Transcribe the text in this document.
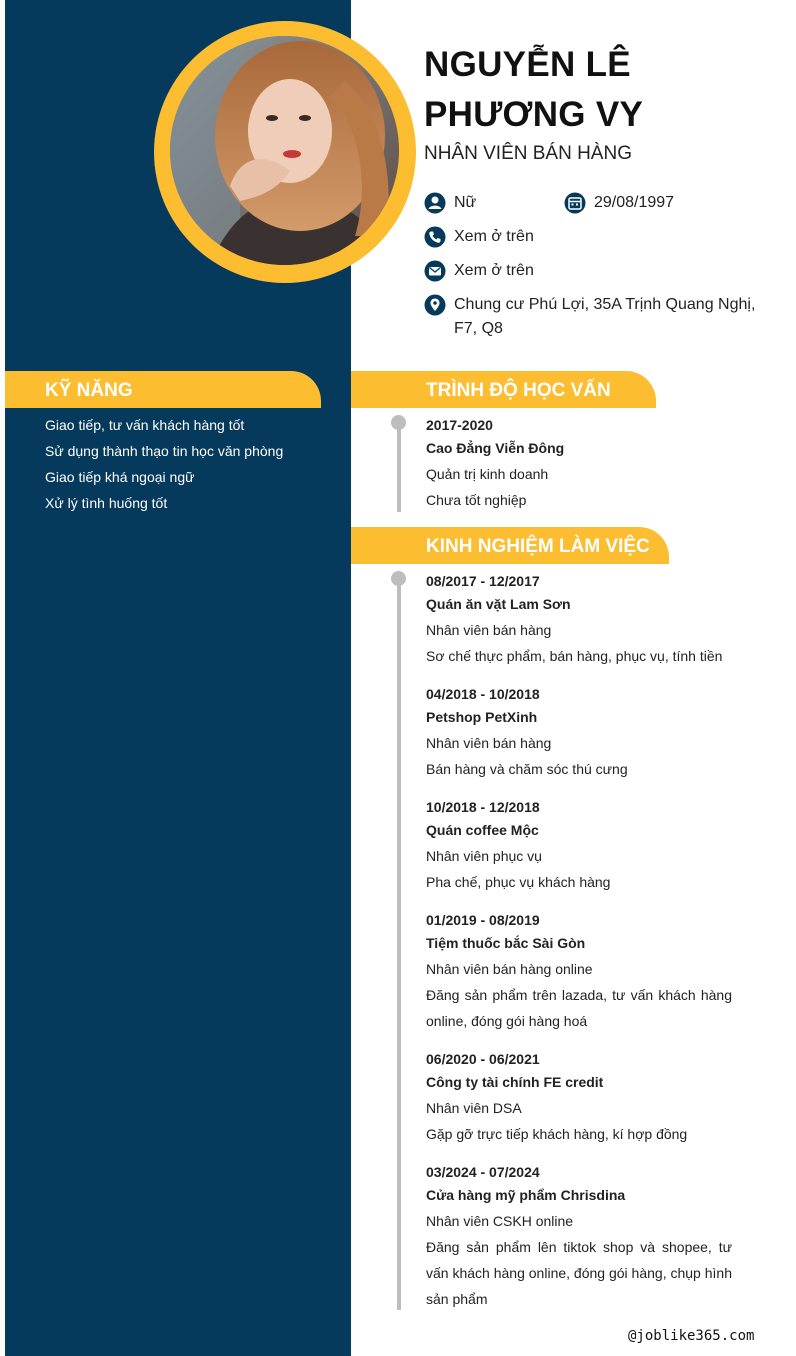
NGUYỄN LÊ PHƯƠNG VY
NHÂN VIÊN BÁN HÀNG
Nữ	29/08/1997
Xem ở trên
Xem ở trên
Chung cư Phú Lợi, 35A Trịnh Quang Nghị, F7, Q8
KỸ NĂNG
Giao tiếp, tư vấn khách hàng tốt
Sử dụng thành thạo tin học văn phòng
Giao tiếp khá ngoại ngữ
Xử lý tình huống tốt
TRÌNH ĐỘ HỌC VẤN
2017-2020
Cao Đẳng Viễn Đông
Quản trị kinh doanh
Chưa tốt nghiệp
KINH NGHIỆM LÀM VIỆC
08/2017 - 12/2017
Quán ăn vặt Lam Sơn
Nhân viên bán hàng
Sơ chế thực phẩm, bán hàng, phục vụ, tính tiền
04/2018 - 10/2018
Petshop PetXinh
Nhân viên bán hàng
Bán hàng và chăm sóc thú cưng
10/2018 - 12/2018
Quán coffee Mộc
Nhân viên phục vụ
Pha chế, phục vụ khách hàng
01/2019 - 08/2019
Tiệm thuốc bắc Sài Gòn
Nhân viên bán hàng online
Đăng sản phẩm trên lazada, tư vấn khách hàng online, đóng gói hàng hoá
06/2020 - 06/2021
Công ty tài chính FE credit
Nhân viên DSA
Gặp gỡ trực tiếp khách hàng, kí hợp đồng
03/2024 - 07/2024
Cửa hàng mỹ phẩm Chrisdina
Nhân viên CSKH online
Đăng sản phẩm lên tiktok shop và shopee, tư vấn khách hàng online, đóng gói hàng, chụp hình sản phẩm
@joblike365.com
